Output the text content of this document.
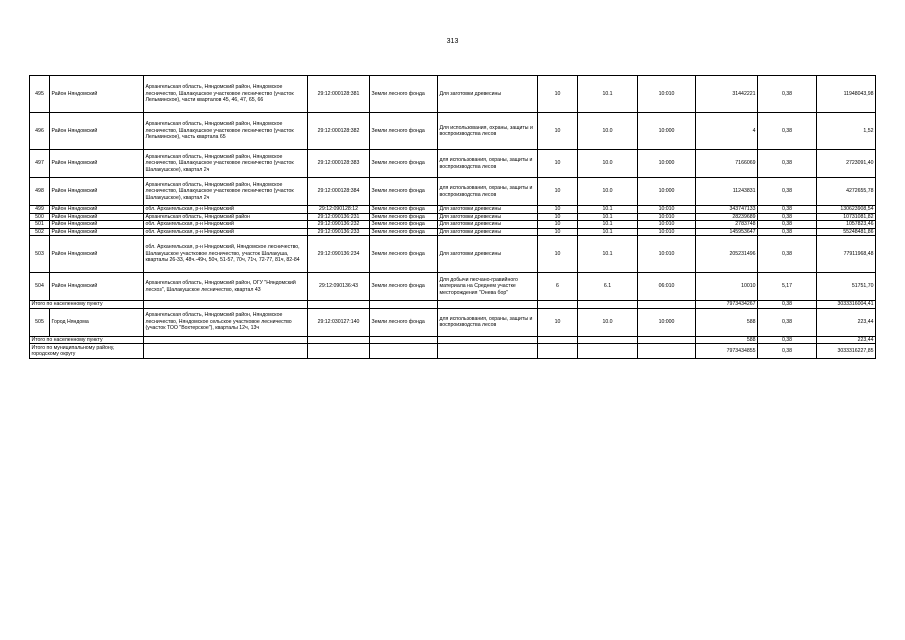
313
495	Район Няндомский	Архангельская область, Няндомский район, Няндомское лесничество, Шалакушское участковое лесничество (участок Лельминское), части кварталов 45, 46, 47, 65, 66	29:12:000128:381	Земли лесного фонда	Для заготовки древесины	10	10.1	10:010	31442221	0,38	11948043,98
496	Район Няндомский	Архангельская область, Няндомский район, Няндомское лесничество, Шалакушское участковое лесничество (участок Лельминское), часть квартала 65	29:12:000128:382	Земли лесного фонда	Для использования, охраны, защиты и воспроизводства лесов	10	10.0	10:000	4	0,38	1,52
497	Район Няндомский	Архангельская область, Няндомский район, Няндомское лесничество, Шалакушское участковое лесничество (участок Шалакушское), квартал 2ч	29:12:000128:383	Земли лесного фонда	для использования, охраны, защиты и воспроизводства лесов	10	10.0	10:000	7166069	0,38	2723091,40
498	Район Няндомский	Архангельская область, Няндомский район, Няндомское лесничество, Шалакушское участковое лесничество (участок Шалакушское), квартал 2ч	29:12:000128:384	Земли лесного фонда	для использования, охраны, защиты и воспроизводства лесов	10	10.0	10:000	11243831	0,38	4272655,78
499	Район Няндомский	обл. Архангельская, р-н Няндомский	29:12:090128:12	Земли лесного фонда	Для заготовки древесины	10	10.1	10:010	343747133	0,38	130623908,54
500	Район Няндомский	Архангельская область, Няндомский район	29:12:090136:231	Земли лесного фонда	Для заготовки древесины	10	10.1	10:010	28239689	0,38	10731081,82
501	Район Няндомский	обл. Архангельская, р-н Няндомский	29:12:090136:232	Земли лесного фонда	Для заготовки древесины	10	10.1	10:010	2783748	0,38	1057823,46
502	Район Няндомский	обл. Архангельская, р-н Няндомский	29:12:090136:233	Земли лесного фонда	Для заготовки древесины	10	10.1	10:010	145953647	0,38	55248481,86
503	Район Няндомский	обл. Архангельская, р-н Няндомский, Няндомское лесничество, Шалакушское участковое лесничество, участок Шалакуша, кварталы 26-33, 48ч.-49ч, 50ч, 51-57, 70ч, 71ч, 72-77, 81ч, 82-84	29:12:090136:234	Земли лесного фонда	Для заготовки древесины	10	10.1	10:010	205231496	0,38	77911968,48
504	Район Няндомский	Архангельская область, Няндомский район, ОГУ "Няндомский лесхоз", Шалакушское лесничество, квартал 43	29:12:090136:43	Земли лесного фонда	Для добычи песчано-гравийного материала на Среднем участке месторождения "Онева бор"	6	6.1	06:010	10010	5,17	51751,70
Итого по населенному пункту									7973434267	0,38	3033316004,41
505	Город Няндома	Архангельская область, Няндомский район, Няндомское лесничество, Няндомское сельское участковое лесничество (участок ТОО "Вохтерское"), кварталы 12ч, 13ч	29:12:030127:140	Земли лесного фонда	для использования, охраны, защиты и воспроизводства лесов	10	10.0	10:000	588	0,38	223,44
Итого по населенному пункту									588	0,38	223,44
Итого по муниципальному району, городскому округу									7973434855	0,38	3033316227,85
